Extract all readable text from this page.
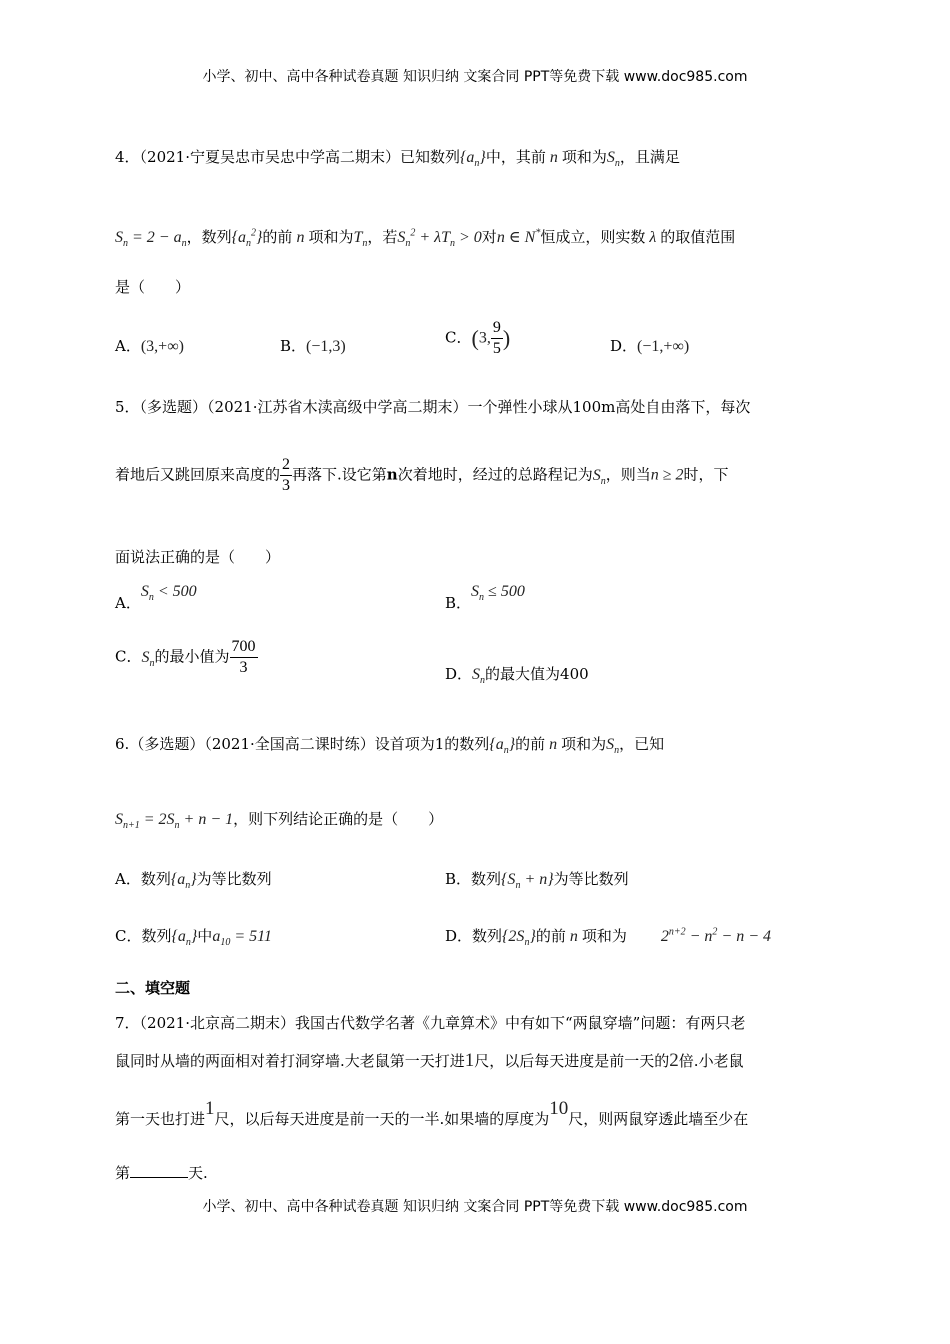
小学、初中、高中各种试卷真题 知识归纳 文案合同 PPT等免费下载 www.doc985.com
4．（2021·宁夏吴忠市吴忠中学高二期末）已知数列$\{a_n\}$中，其前 n 项和为$S_n$，且满足
$S_n = 2 - a_n$，数列$\{a_n^2\}$的前 n 项和为$T_n$，若$S_n^2 + \lambda T_n > 0$对n ∈ N*恒成立，则实数 λ 的取值范围
是（　　）
A．(3,+∞)	B．(−1,3)	C．(3, $\frac{9}{5}$ )	D．(−1,+∞)
5．（多选题）（2021·江苏省木渎高级中学高二期末）一个弹性小球从100m高处自由落下，每次
着地后又跳回原来高度的 $\frac{2}{3}$ 再落下.设它第n次着地时，经过的总路程记为$S_n$，则当n ≥ 2时，下
面说法正确的是（　　）
A．$S_n < 500$
B．$S_n \le 500$
C．$S_n$的最小值为 $\frac{700}{3}$	D．$S_n$的最大值为400
6.（多选题）（2021·全国高二课时练）设首项为1的数列$\{a_n\}$的前 n 项和为$S_n$，已知
$S_{n+1} = 2S_n + n - 1$，则下列结论正确的是（　　）
A．数列$\{a_n\}$为等比数列	B．数列$\{S_n + n\}$为等比数列
C．数列$\{a_n\}$中$a_{10} = 511$	D．数列$\{2S_n\}$的前 n 项和为 $2^{n+2} - n^2 - n - 4$
二、填空题
7．（2021·北京高二期末）我国古代数学名著《九章算术》中有如下“两鼠穿墙”问题：有两只老
鼠同时从墙的两面相对着打洞穿墙.大老鼠第一天打进1尺，以后每天进度是前一天的2倍.小老鼠
第一天也打进1尺，以后每天进度是前一天的一半.如果墙的厚度为10尺，则两鼠穿透此墙至少在
第	天.
小学、初中、高中各种试卷真题 知识归纳 文案合同 PPT等免费下载 www.doc985.com
